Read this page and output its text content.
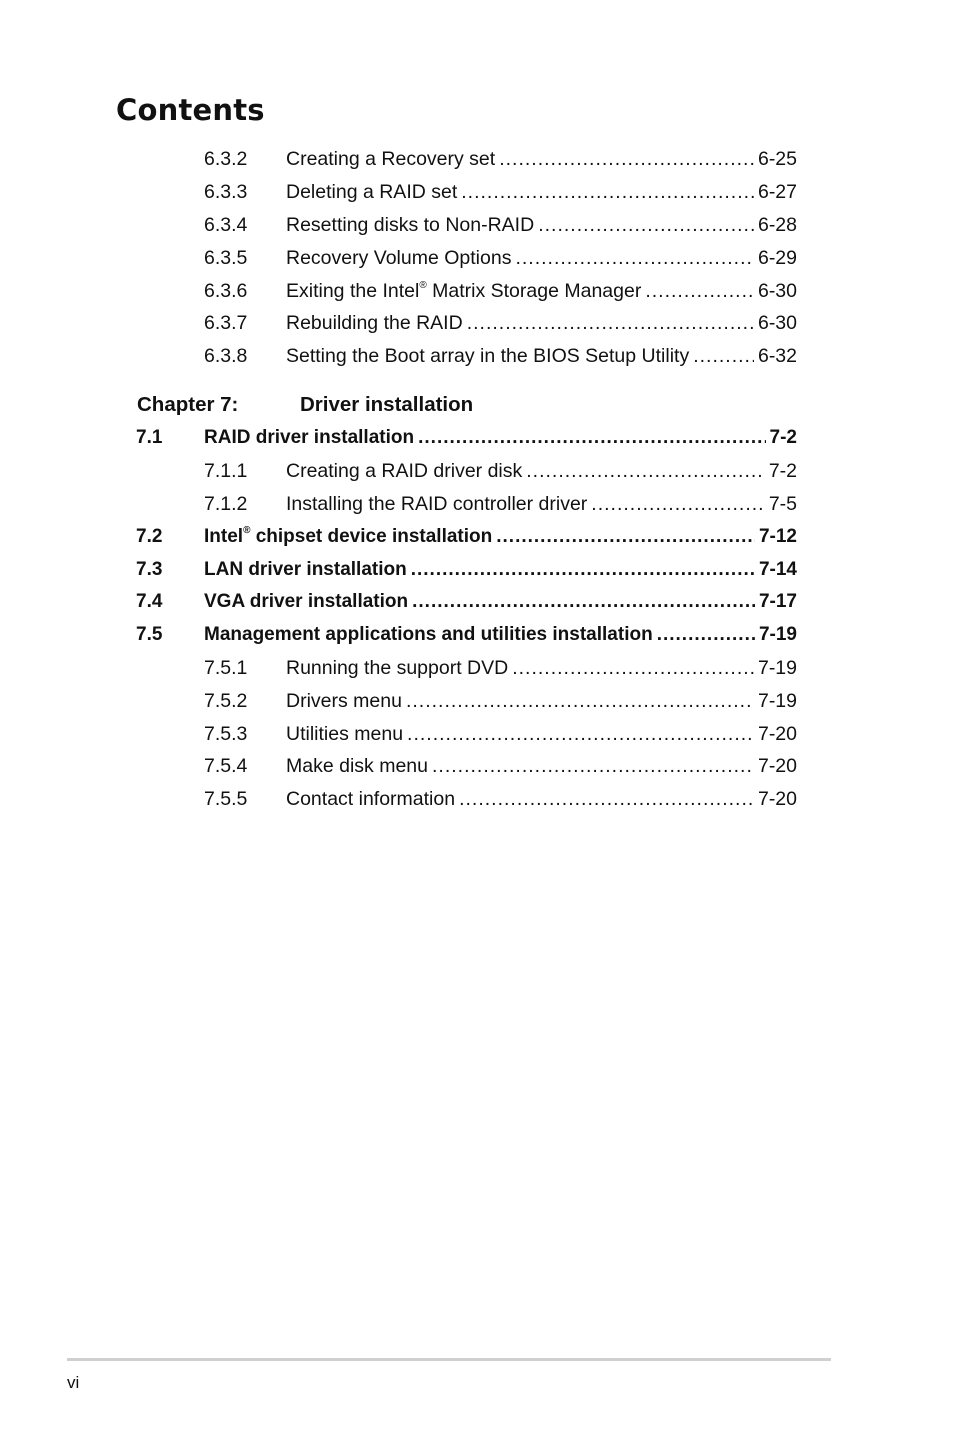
Contents
6.3.2 Creating a Recovery set .....	6-25
6.3.3 Deleting a RAID set .....	6-27
6.3.4 Resetting disks to Non-RAID .....	6-28
6.3.5 Recovery Volume Options .....	6-29
6.3.6 Exiting the Intel® Matrix Storage Manager .....	6-30
6.3.7 Rebuilding the RAID .....	6-30
6.3.8 Setting the Boot array in the BIOS Setup Utility .....	6-32
Chapter 7:	Driver installation
7.1 RAID driver installation .....	7-2
7.1.1 Creating a RAID driver disk .....	7-2
7.1.2 Installing the RAID controller driver .....	7-5
7.2 Intel® chipset device installation .....	7-12
7.3 LAN driver installation .....	7-14
7.4 VGA driver installation .....	7-17
7.5 Management applications and utilities installation .....	7-19
7.5.1 Running the support DVD .....	7-19
7.5.2 Drivers menu .....	7-19
7.5.3 Utilities menu .....	7-20
7.5.4 Make disk menu .....	7-20
7.5.5 Contact information .....	7-20
vi
